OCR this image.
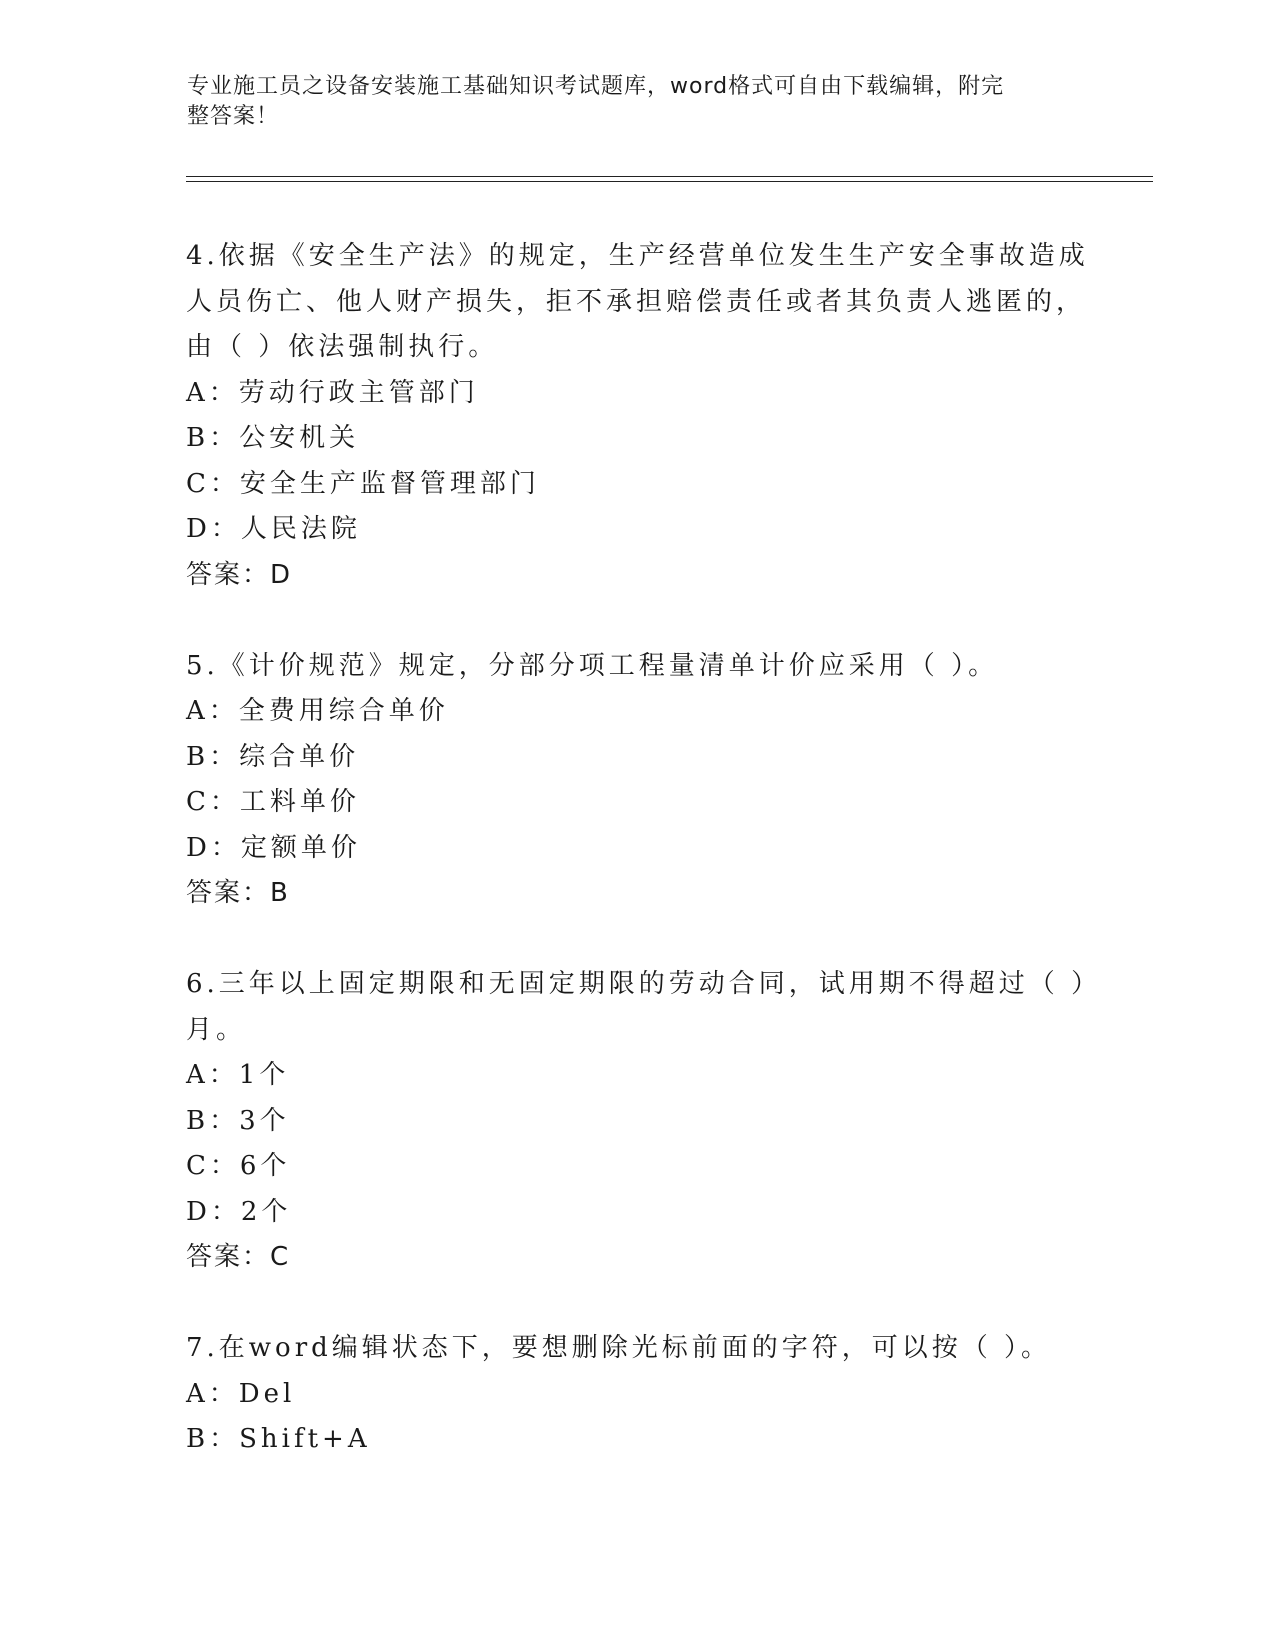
专业施工员之设备安装施工基础知识考试题库，word格式可自由下载编辑，附完
整答案！
4.依据《安全生产法》的规定，生产经营单位发生生产安全事故造成
人员伤亡、他人财产损失，拒不承担赔偿责任或者其负责人逃匿的，
由（ ）依法强制执行。
A：劳动行政主管部门
B：公安机关
C：安全生产监督管理部门
D：人民法院
答案：D
5.《计价规范》规定，分部分项工程量清单计价应采用（ ）。
A：全费用综合单价
B：综合单价
C：工料单价
D：定额单价
答案：B
6.三年以上固定期限和无固定期限的劳动合同，试用期不得超过（ ）
月。
A：1个
B：3个
C：6个
D：2个
答案：C
7.在word编辑状态下，要想删除光标前面的字符，可以按（ ）。
A：Del
B：Shift+A
